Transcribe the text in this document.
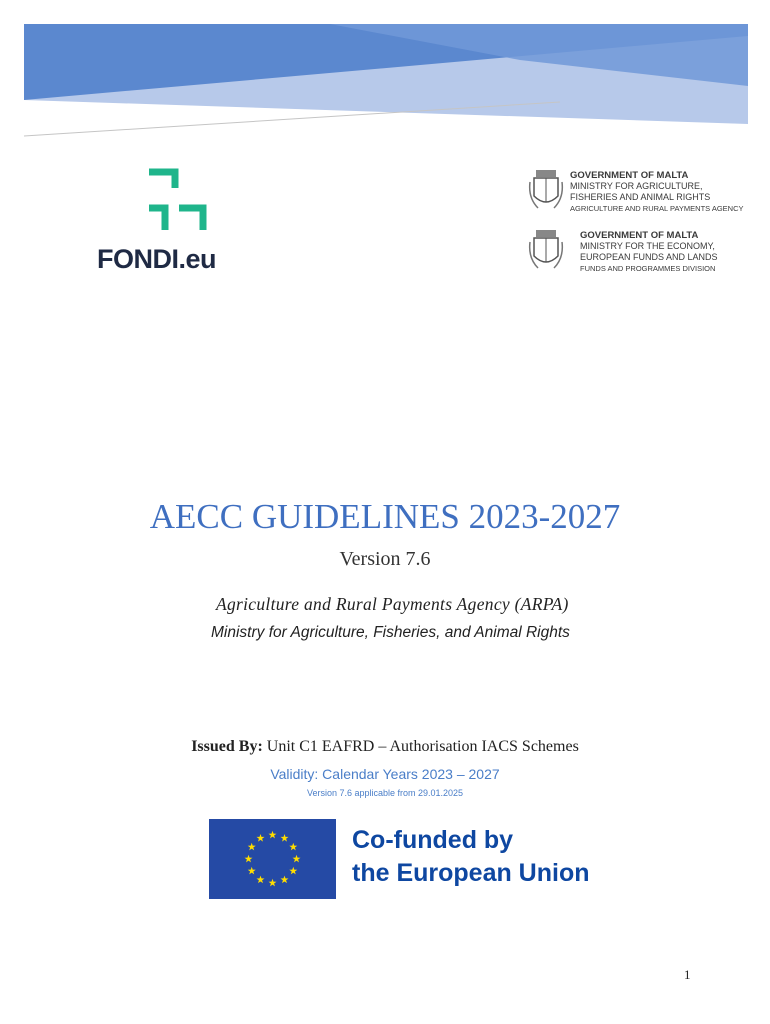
FONDI.eu
GOVERNMENT OF MALTA
MINISTRY FOR AGRICULTURE,
FISHERIES AND ANIMAL RIGHTS
AGRICULTURE AND RURAL PAYMENTS AGENCY
GOVERNMENT OF MALTA
MINISTRY FOR THE ECONOMY,
EUROPEAN FUNDS AND LANDS
FUNDS AND PROGRAMMES DIVISION
AECC GUIDELINES 2023-2027
Version 7.6
Agriculture and Rural Payments Agency (ARPA)
Ministry for Agriculture, Fisheries, and Animal Rights
Issued By: Unit C1 EAFRD – Authorisation IACS Schemes
Validity: Calendar Years 2023 – 2027
Version 7.6 applicable from 29.01.2025
Co-funded by
the European Union
1
